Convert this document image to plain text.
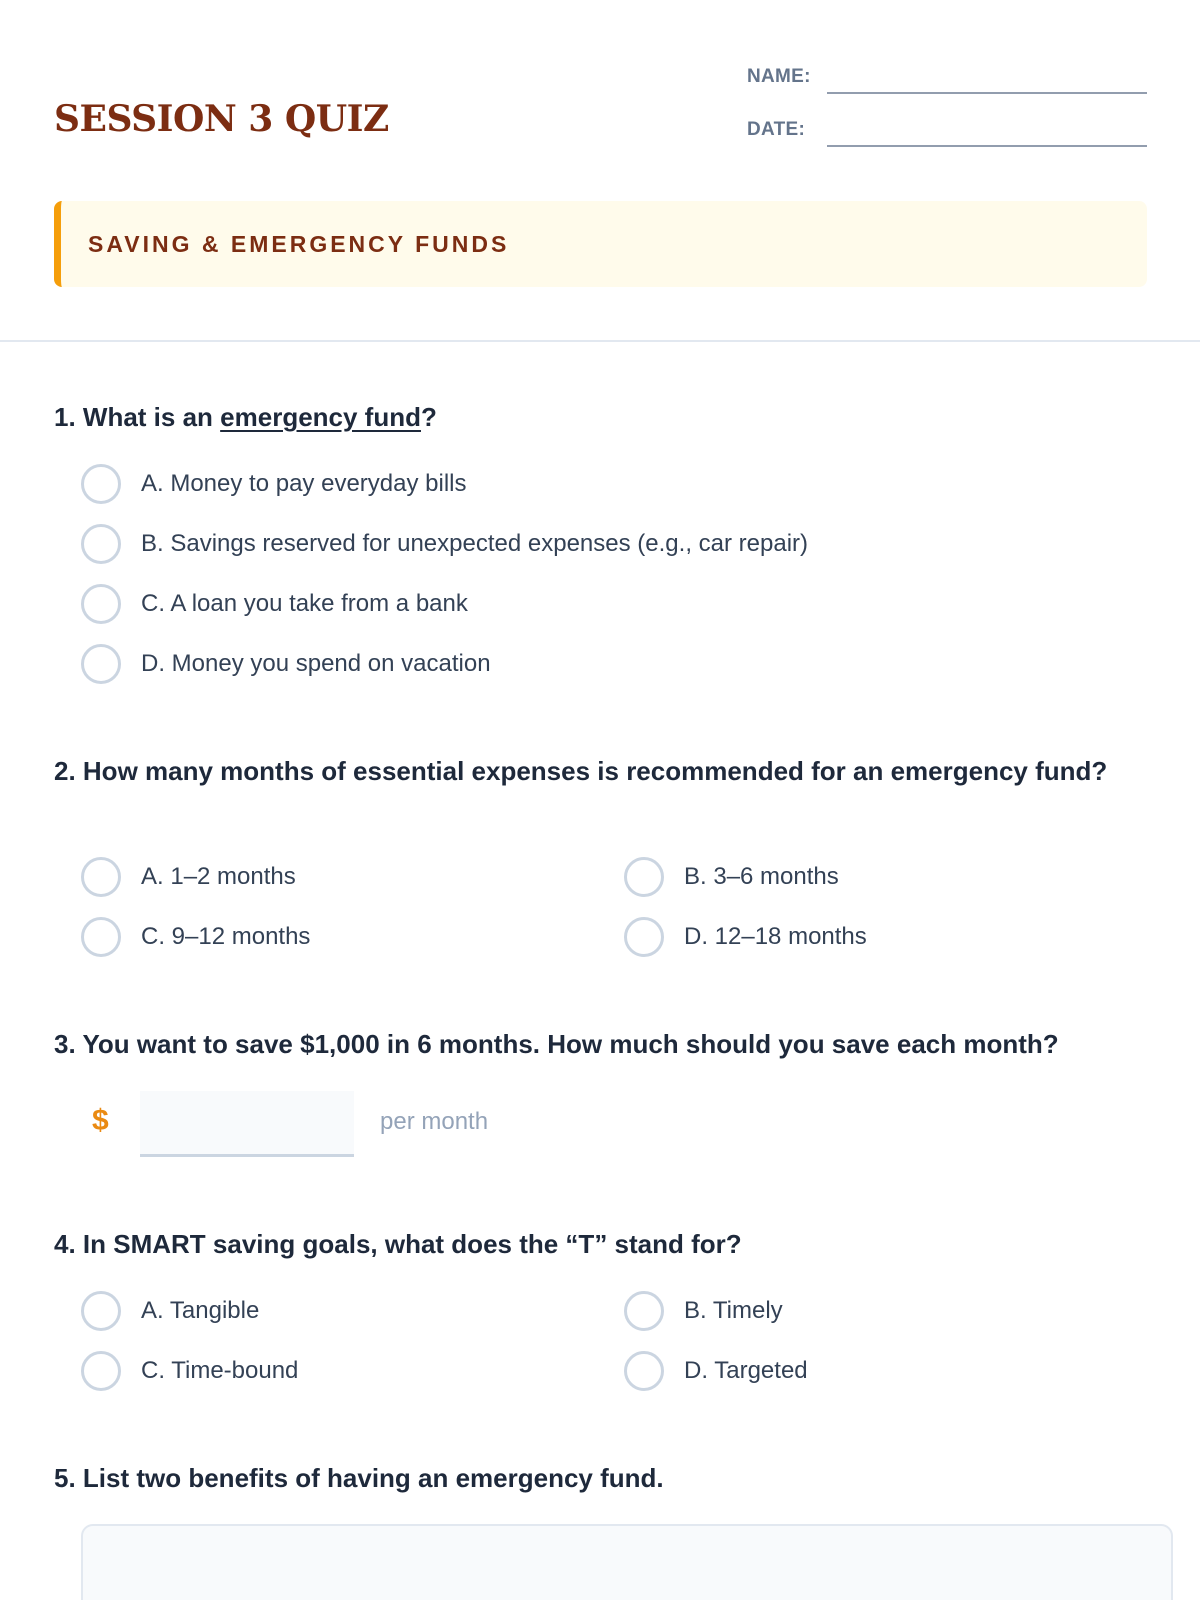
SESSION 3 QUIZ
NAME:
DATE:
SAVING & EMERGENCY FUNDS
1. What is an emergency fund?
A. Money to pay everyday bills
B. Savings reserved for unexpected expenses (e.g., car repair)
C. A loan you take from a bank
D. Money you spend on vacation
2. How many months of essential expenses is recommended for an emergency fund?
A. 1–2 months	B. 3–6 months
C. 9–12 months	D. 12–18 months
3. You want to save $1,000 in 6 months. How much should you save each month?
$	per month
4. In SMART saving goals, what does the “T” stand for?
A. Tangible	B. Timely
C. Time-bound	D. Targeted
5. List two benefits of having an emergency fund.
